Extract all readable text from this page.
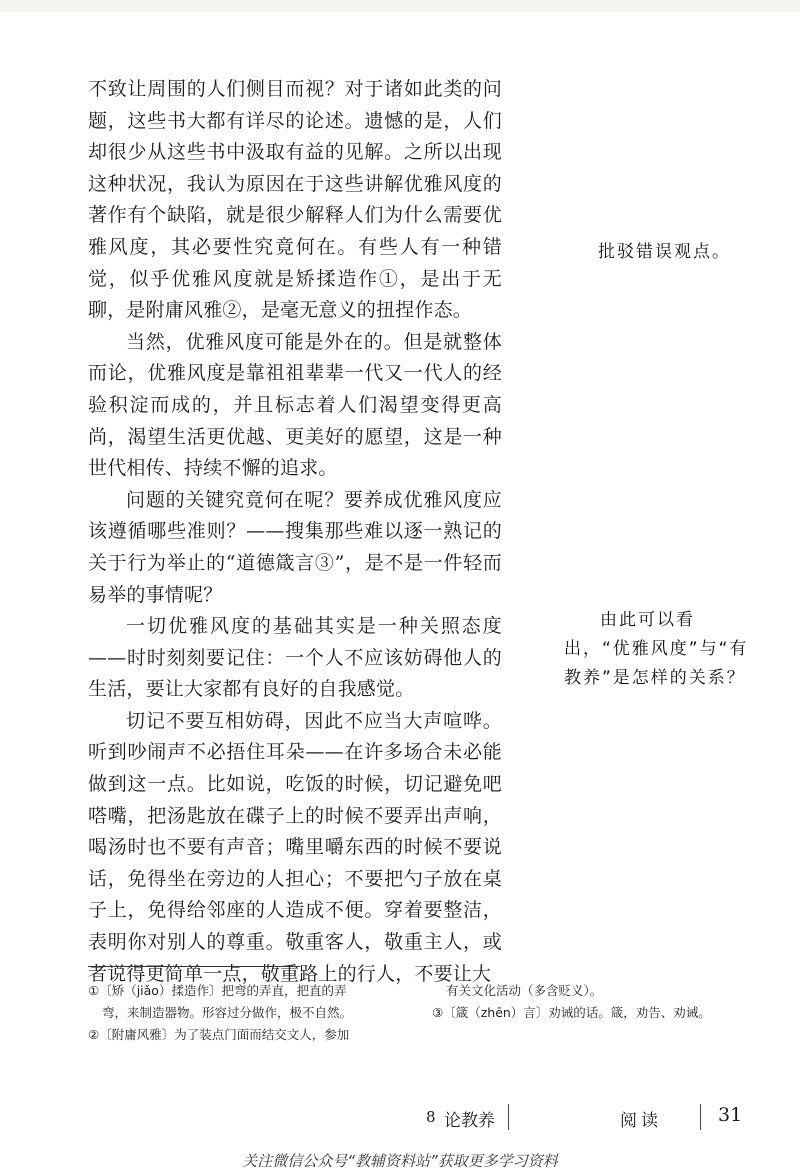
不致让周围的人们侧目而视？对于诸如此类的问题，这些书大都有详尽的论述。遗憾的是，人们却很少从这些书中汲取有益的见解。之所以出现这种状况，我认为原因在于这些讲解优雅风度的著作有个缺陷，就是很少解释人们为什么需要优雅风度，其必要性究竟何在。有些人有一种错觉，似乎优雅风度就是矫揉造作①，是出于无聊，是附庸风雅②，是毫无意义的扭捏作态。

当然，优雅风度可能是外在的。但是就整体而论，优雅风度是靠祖祖辈辈一代又一代人的经验积淀而成的，并且标志着人们渴望变得更高尚，渴望生活更优越、更美好的愿望，这是一种世代相传、持续不懈的追求。

问题的关键究竟何在呢？要养成优雅风度应该遵循哪些准则？——搜集那些难以逐一熟记的关于行为举止的“道德箴言③”，是不是一件轻而易举的事情呢？

一切优雅风度的基础其实是一种关照态度——时时刻刻要记住：一个人不应该妨碍他人的生活，要让大家都有良好的自我感觉。

切记不要互相妨碍，因此不应当大声喧哗。听到吵闹声不必捂住耳朵——在许多场合未必能做到这一点。比如说，吃饭的时候，切记避免吧嗒嘴，把汤匙放在碟子上的时候不要弄出声响，喝汤时也不要有声音；嘴里嚼东西的时候不要说话，免得坐在旁边的人担心；不要把勺子放在桌子上，免得给邻座的人造成不便。穿着要整洁，表明你对别人的尊重。敬重客人，敬重主人，或者说得更简单一点，敬重路上的行人，不要让大

批驳错误观点。
由此可以看出，“优雅风度”与“有教养”是怎样的关系？
①〔矫（jiǎo）揉造作〕把弯的弄直，把直的弄
弯，来制造器物。形容过分做作，极不自然。
②〔附庸风雅〕为了装点门面而结交文人，参加
有关文化活动（多含贬义）。
③〔箴（zhēn）言〕劝诫的话。箴，劝告、劝诫。
8 论教养	阅读	31
关注微信公众号“教辅资料站”获取更多学习资料
